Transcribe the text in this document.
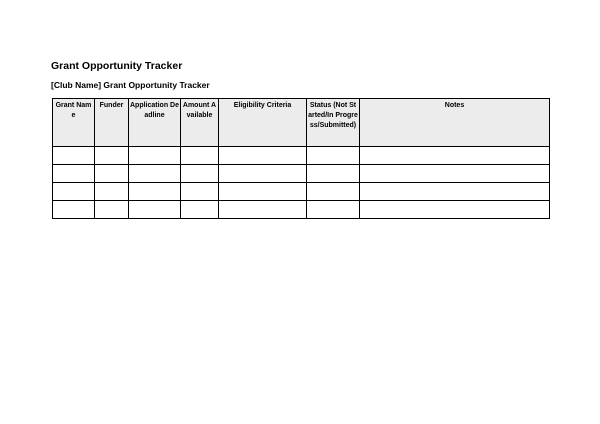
Grant Opportunity Tracker
[Club Name] Grant Opportunity Tracker
Grant Name	Funder	Application Deadline	Amount Available	Eligibility Criteria	Status (Not Started/In Progress/Submitted)	Notes
